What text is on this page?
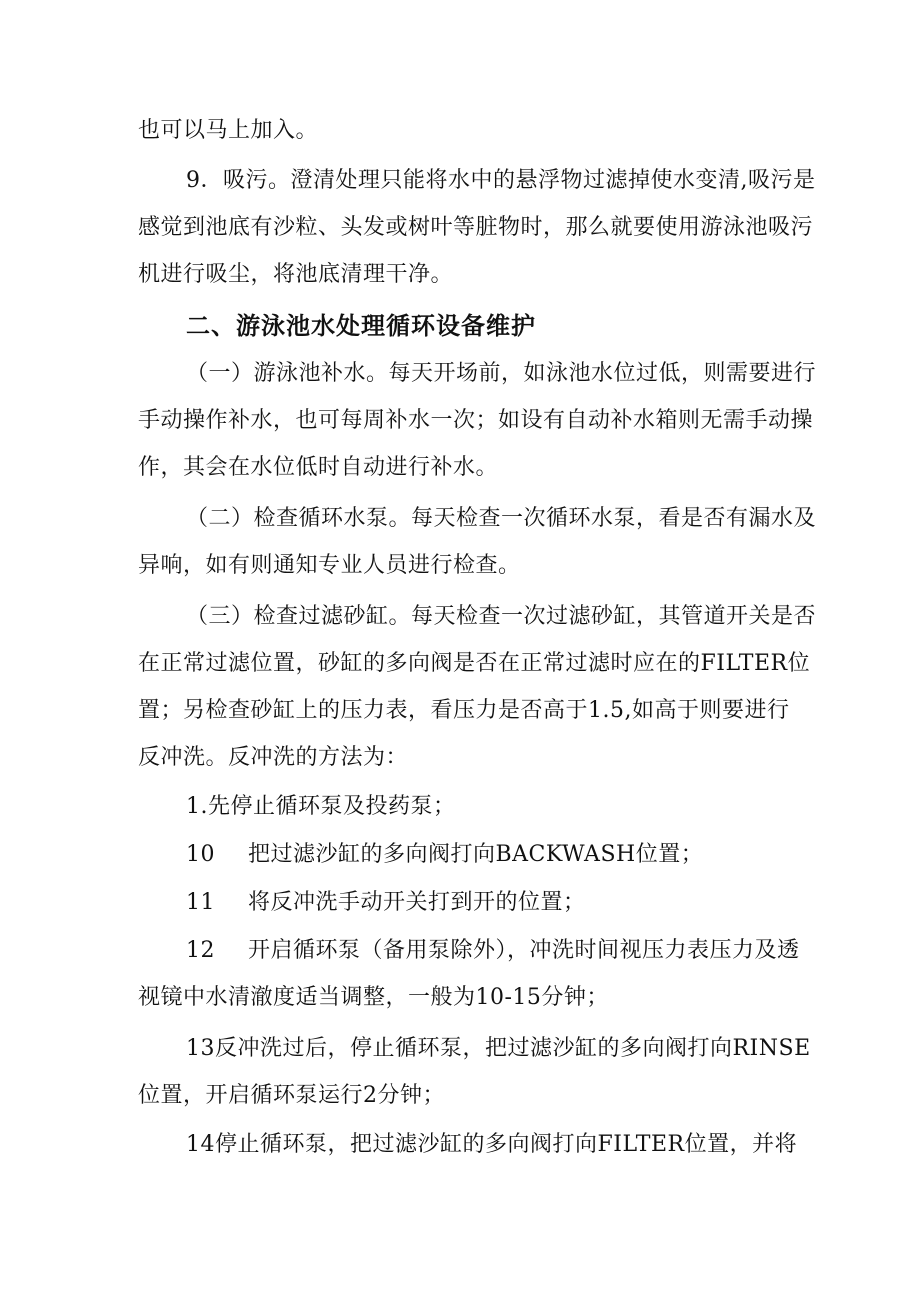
也可以马上加入。

9．吸污。澄清处理只能将水中的悬浮物过滤掉使水变清,吸污是
感觉到池底有沙粒、头发或树叶等脏物时，那么就要使用游泳池吸污
机进行吸尘，将池底清理干净。

二、游泳池水处理循环设备维护

（一）游泳池补水。每天开场前，如泳池水位过低，则需要进行
手动操作补水，也可每周补水一次；如设有自动补水箱则无需手动操
作，其会在水位低时自动进行补水。

（二）检查循环水泵。每天检查一次循环水泵，看是否有漏水及
异响，如有则通知专业人员进行检查。

（三）检查过滤砂缸。每天检查一次过滤砂缸，其管道开关是否
在正常过滤位置，砂缸的多向阀是否在正常过滤时应在的FILTER位
置；另检查砂缸上的压力表，看压力是否高于1.5,如高于则要进行
反冲洗。反冲洗的方法为：

1.先停止循环泵及投药泵；

10 把过滤沙缸的多向阀打向BACKWASH位置；

11 将反冲洗手动开关打到开的位置；

12 开启循环泵（备用泵除外），冲洗时间视压力表压力及透
视镜中水清澈度适当调整，一般为10-15分钟；

13反冲洗过后，停止循环泵，把过滤沙缸的多向阀打向RINSE
位置，开启循环泵运行2分钟；

14停止循环泵，把过滤沙缸的多向阀打向FILTER位置，并将
